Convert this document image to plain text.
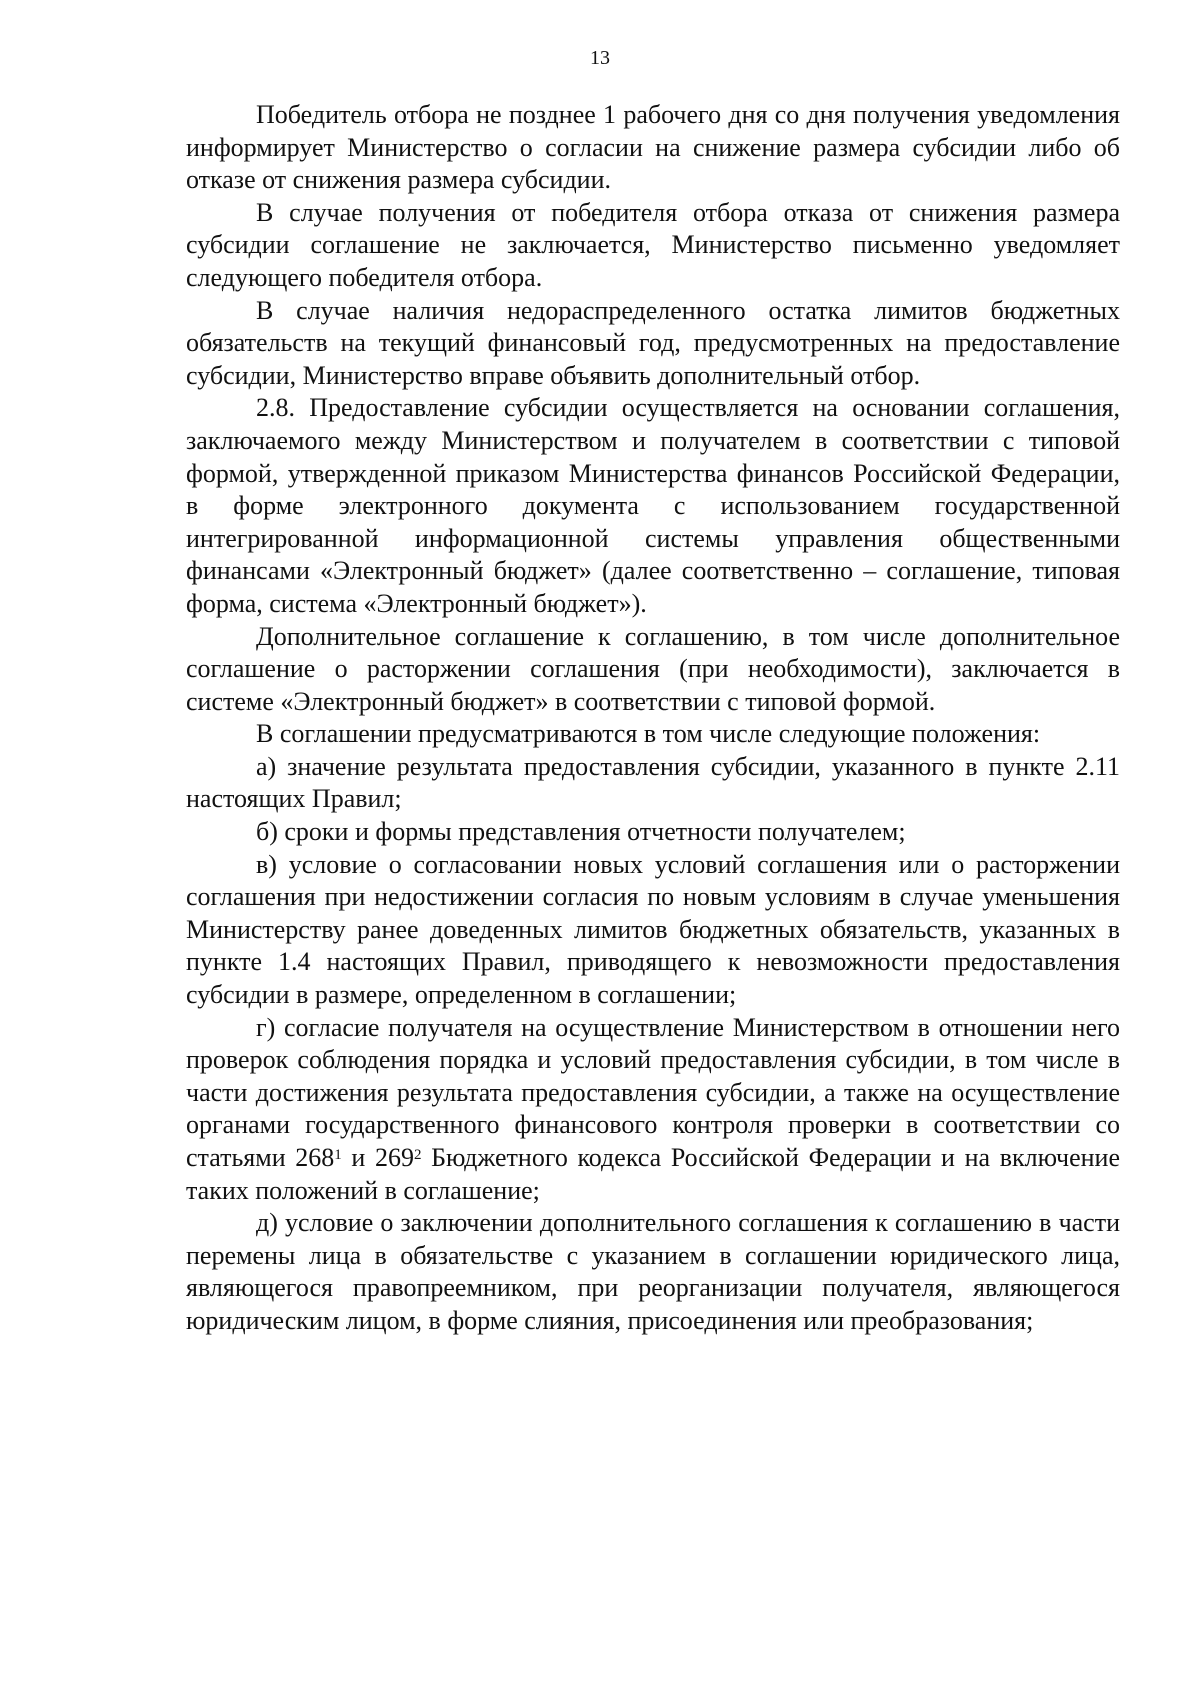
13

Победитель отбора не позднее 1 рабочего дня со дня получения уведомления информирует Министерство о согласии на снижение размера субсидии либо об отказе от снижения размера субсидии.

В случае получения от победителя отбора отказа от снижения размера субсидии соглашение не заключается, Министерство письменно уведомляет следующего победителя отбора.

В случае наличия недораспределенного остатка лимитов бюджетных обязательств на текущий финансовый год, предусмотренных на предоставление субсидии, Министерство вправе объявить дополнительный отбор.

2.8. Предоставление субсидии осуществляется на основании соглашения, заключаемого между Министерством и получателем в соответствии с типовой формой, утвержденной приказом Министерства финансов Российской Федерации, в форме электронного документа с использованием государственной интегрированной информационной системы управления общественными финансами «Электронный бюджет» (далее соответственно – соглашение, типовая форма, система «Электронный бюджет»).

Дополнительное соглашение к соглашению, в том числе дополнительное соглашение о расторжении соглашения (при необходимости), заключается в системе «Электронный бюджет» в соответствии с типовой формой.

В соглашении предусматриваются в том числе следующие положения:

а) значение результата предоставления субсидии, указанного в пункте 2.11 настоящих Правил;

б) сроки и формы представления отчетности получателем;

в) условие о согласовании новых условий соглашения или о расторжении соглашения при недостижении согласия по новым условиям в случае уменьшения Министерству ранее доведенных лимитов бюджетных обязательств, указанных в пункте 1.4 настоящих Правил, приводящего к невозможности предоставления субсидии в размере, определенном в соглашении;

г) согласие получателя на осуществление Министерством в отношении него проверок соблюдения порядка и условий предоставления субсидии, в том числе в части достижения результата предоставления субсидии, а также на осуществление органами государственного финансового контроля проверки в соответствии со статьями $268^1$ и $269^2$ Бюджетного кодекса Российской Федерации и на включение таких положений в соглашение;

д) условие о заключении дополнительного соглашения к соглашению в части перемены лица в обязательстве с указанием в соглашении юридического лица, являющегося правопреемником, при реорганизации получателя, являющегося юридическим лицом, в форме слияния, присоединения или преобразования;
